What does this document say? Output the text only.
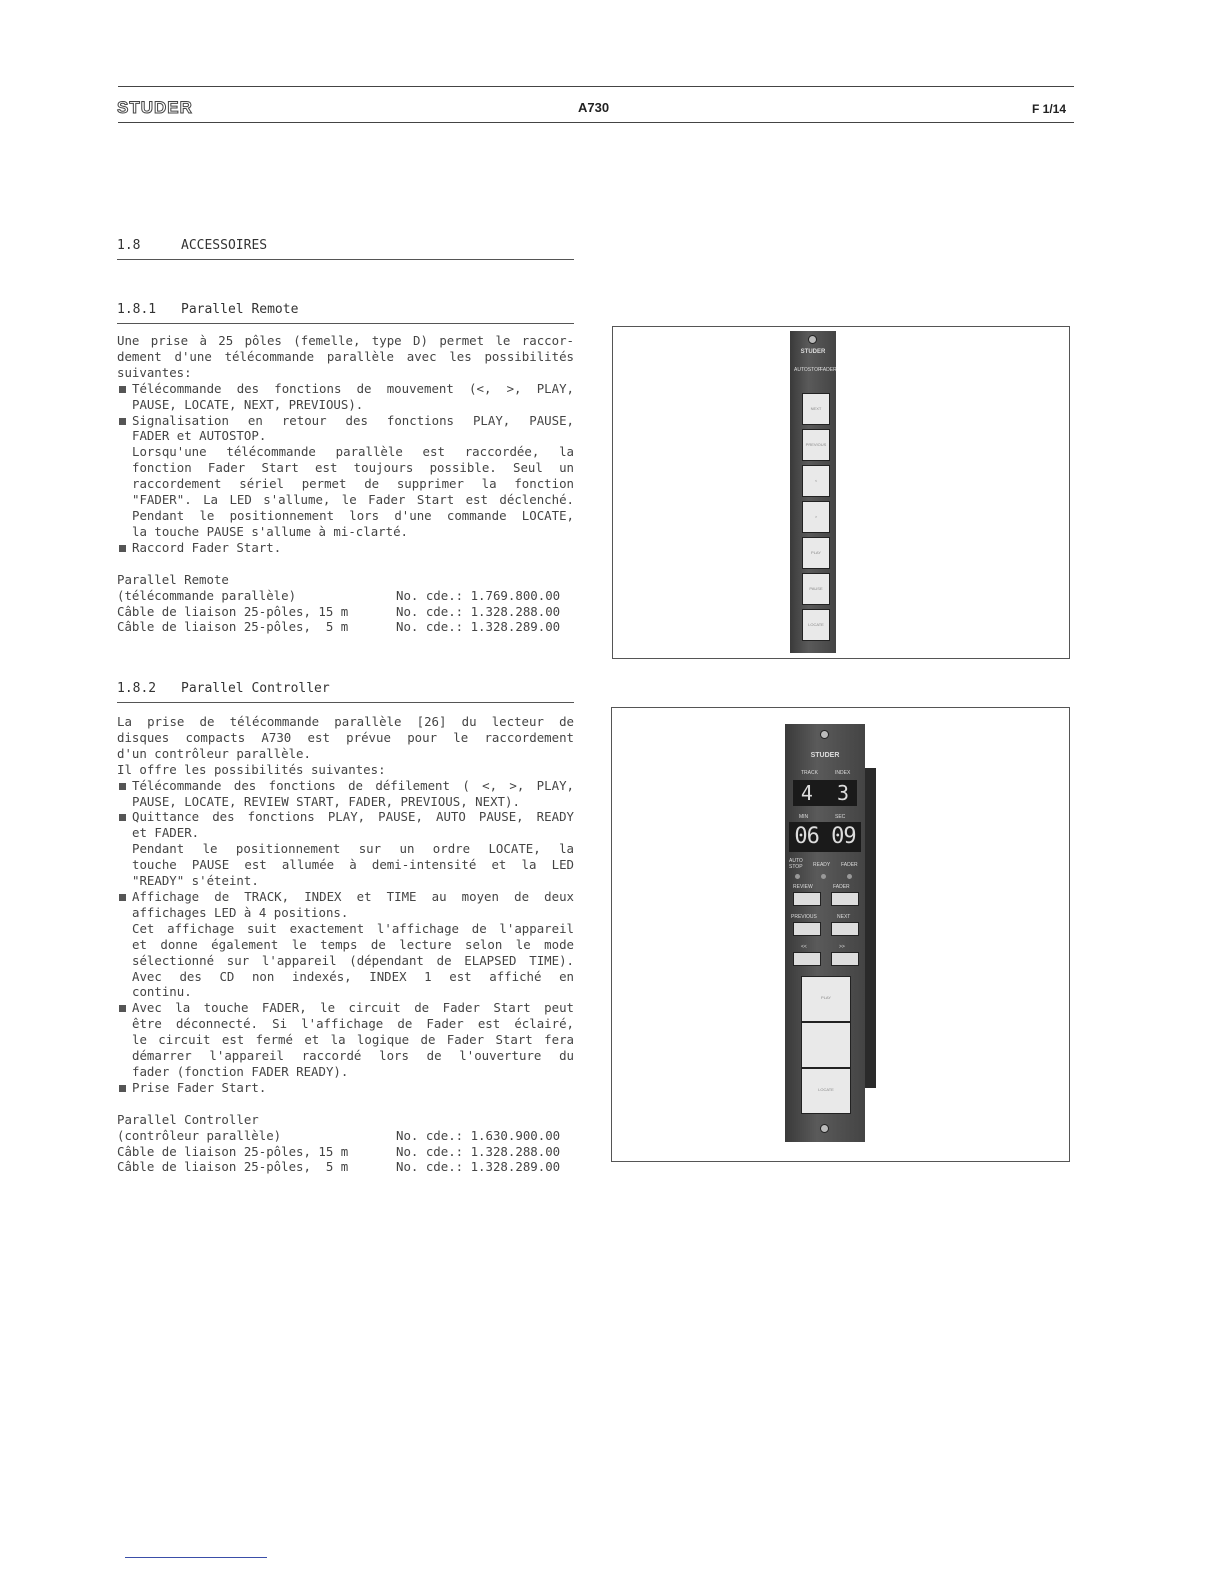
STUDER	A730	F 1/14
1.8	ACCESSOIRES
1.8.1 Parallel Remote

Une prise à 25 pôles (femelle, type D) permet le raccor-

dement d'une télécommande parallèle avec les possibilités

suivantes:

Télécommande des fonctions de mouvement (<, >, PLAY,

PAUSE, LOCATE, NEXT, PREVIOUS).

Signalisation en retour des fonctions PLAY, PAUSE,

FADER et AUTOSTOP.

Lorsqu'une télécommande parallèle est raccordée, la

fonction Fader Start est toujours possible. Seul un

raccordement sériel permet de supprimer la fonction

"FADER". La LED s'allume, le Fader Start est déclenché.

Pendant le positionnement lors d'une commande LOCATE,

la touche PAUSE s'allume à mi-clarté.

Raccord Fader Start.

Parallel Remote

(télécommande parallèle)	No. cde.: 1.769.800.00
Câble de liaison 25-pôles, 15 m	No. cde.: 1.328.288.00
Câble de liaison 25-pôles,  5 m	No. cde.: 1.328.289.00
STUDER
AUTOSTOP
FADER
NEXT
PREVIOUS
<
>
PLAY
PAUSE
LOCATE
1.8.2 Parallel Controller

La prise de télécommande parallèle [26] du lecteur de

disques compacts A730 est prévue pour le raccordement

d'un contrôleur parallèle.

Il offre les possibilités suivantes:

Télécommande des fonctions de défilement ( <, >, PLAY,

PAUSE, LOCATE, REVIEW START, FADER, PREVIOUS, NEXT).

Quittance des fonctions PLAY, PAUSE, AUTO PAUSE, READY

et FADER.

Pendant le positionnement sur un ordre LOCATE, la

touche PAUSE est allumée à demi-intensité et la LED

"READY" s'éteint.

Affichage de TRACK, INDEX et TIME au moyen de deux

affichages LED à 4 positions.

Cet affichage suit exactement l'affichage de l'appareil

et donne également le temps de lecture selon le mode

sélectionné sur l'appareil (dépendant de ELAPSED TIME).

Avec des CD non indexés, INDEX 1 est affiché en

continu.

Avec la touche FADER, le circuit de Fader Start peut

être déconnecté. Si l'affichage de Fader est éclairé,

le circuit est fermé et la logique de Fader Start fera

démarrer l'appareil raccordé lors de l'ouverture du

fader (fonction FADER READY).

Prise Fader Start.

Parallel Controller

(contrôleur parallèle)	No. cde.: 1.630.900.00
Câble de liaison 25-pôles, 15 m	No. cde.: 1.328.288.00
Câble de liaison 25-pôles,  5 m	No. cde.: 1.328.289.00
STUDER
TRACK	INDEX
4 3
MIN	SEC
06 09
AUTO STOP	READY FADER
REVIEW	FADER
PREVIOUS	NEXT
<<	>>
PLAY
LOCATE
